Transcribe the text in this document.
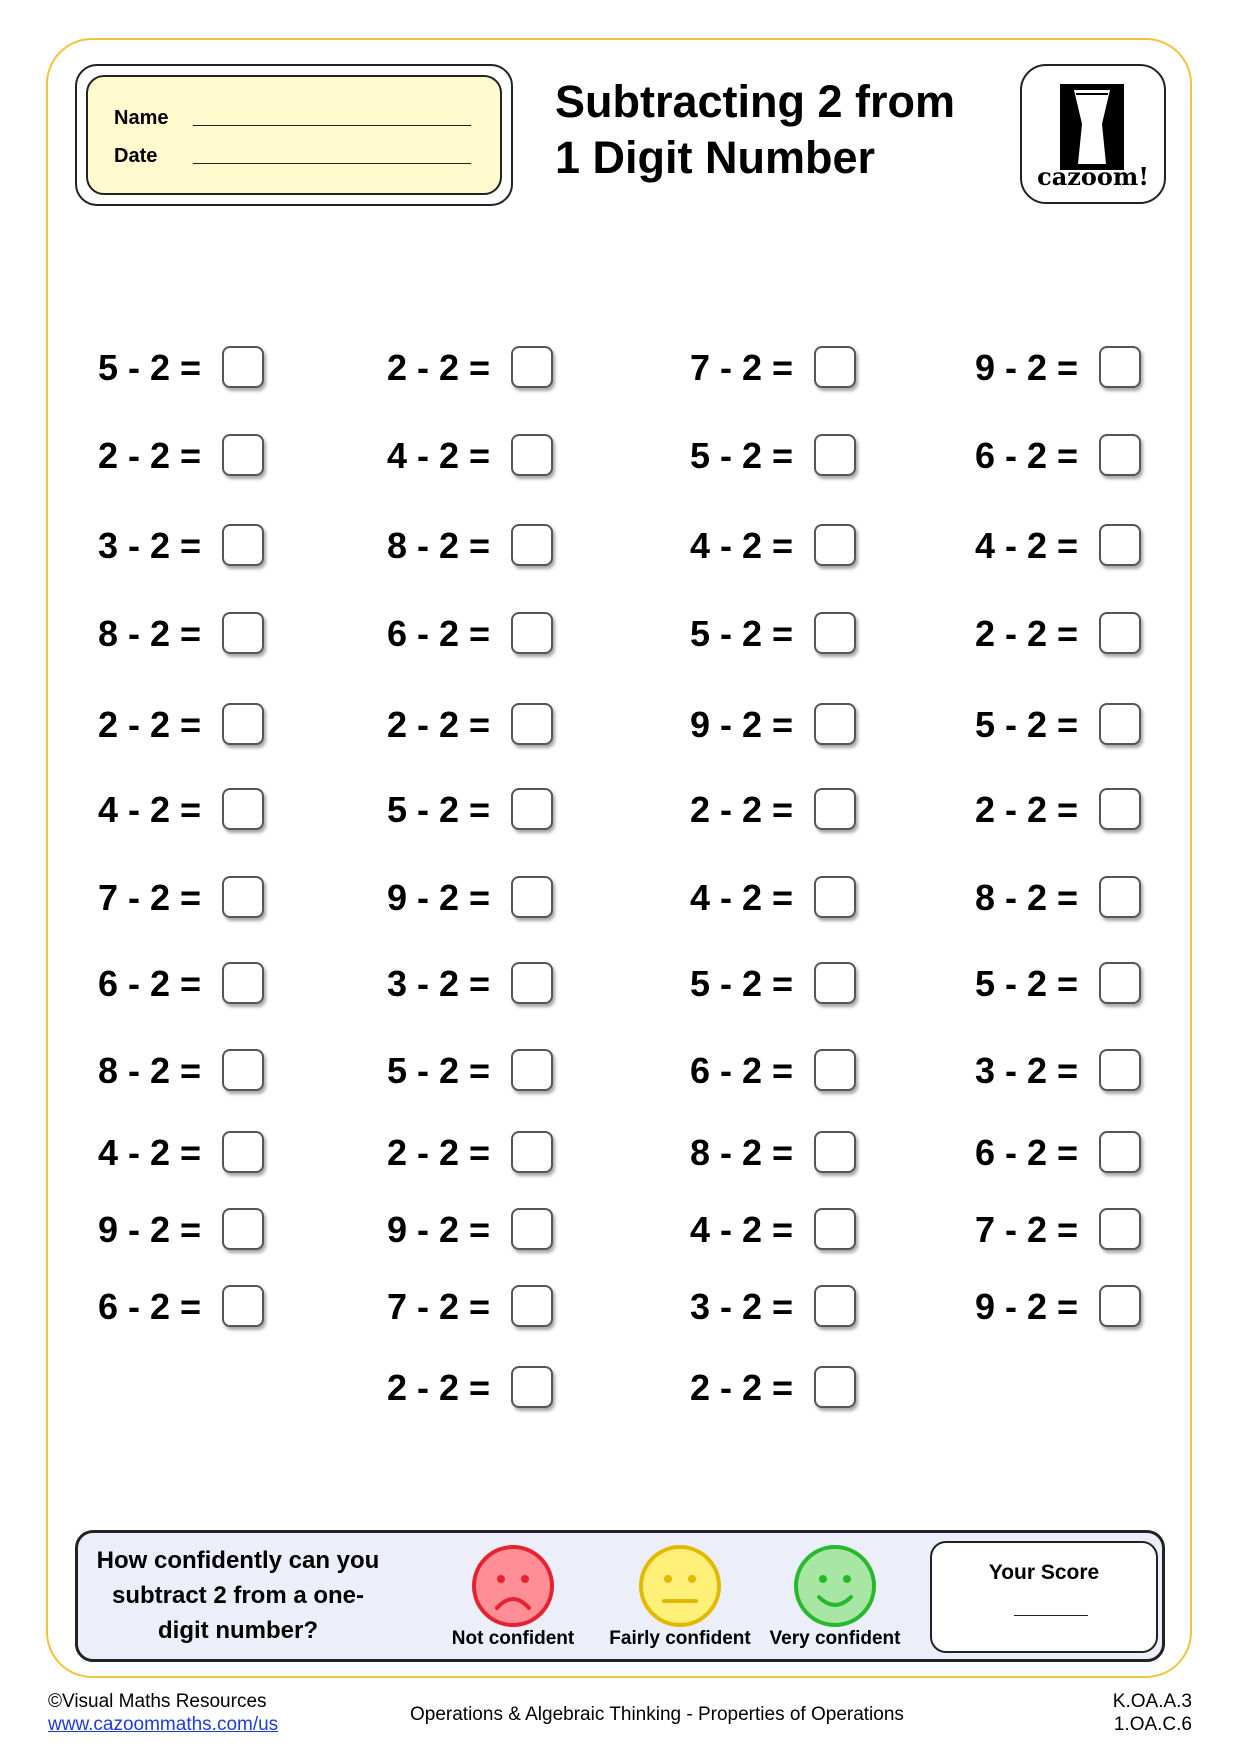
Name
Date
Subtracting 2 from
1 Digit Number	cazoom!
5 - 2 =
2 - 2 =
3 - 2 =
8 - 2 =
2 - 2 =
4 - 2 =
7 - 2 =
6 - 2 =
8 - 2 =
4 - 2 =
9 - 2 =
6 - 2 =
2 - 2 =
4 - 2 =
8 - 2 =
6 - 2 =
2 - 2 =
5 - 2 =
9 - 2 =
3 - 2 =
5 - 2 =
2 - 2 =
9 - 2 =
7 - 2 =
2 - 2 =
7 - 2 =
5 - 2 =
4 - 2 =
5 - 2 =
9 - 2 =
2 - 2 =
4 - 2 =
5 - 2 =
6 - 2 =
8 - 2 =
4 - 2 =
3 - 2 =
2 - 2 =
9 - 2 =
6 - 2 =
4 - 2 =
2 - 2 =
5 - 2 =
2 - 2 =
8 - 2 =
5 - 2 =
3 - 2 =
6 - 2 =
7 - 2 =
9 - 2 =
How confidently can you subtract 2 from a one-digit number?	Not confident	Fairly confident Very confident
Your Score
©Visual Maths Resources
www.cazoommaths.com/us	Operations & Algebraic Thinking - Properties of Operations
K.OA.A.3
1.OA.C.6
